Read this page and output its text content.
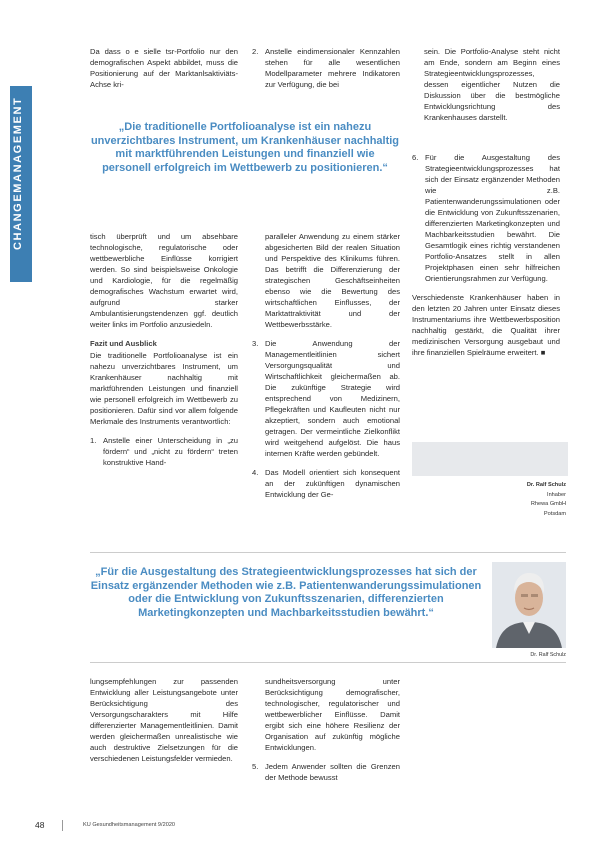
CHANGEMANAGEMENT

Da dass o e sielle tsr-Portfolio nur den demografischen Aspekt abbildet, muss die Positionierung auf der Marktanlsaktiviäts-Achse kri-

2. Anstelle eindimensionaler Kennzahlen stehen für alle wesentlichen Modellparameter mehrere Indikatoren zur Verfügung, die bei

sein. Die Portfolio-Analyse steht nicht am Ende, sondern am Beginn eines Strategieentwicklungsprozesses, dessen eigentlicher Nutzen die Diskussion über die bestmögliche Entwicklungsrichtung des Krankenhauses darstellt.

„Die traditionelle Portfolioanalyse ist ein nahezu unverzichtbares Instrument, um Krankenhäuser nachhaltig mit marktführenden Leistungen und finanziell wie personell erfolgreich im Wettbewerb zu positionieren.“

tisch überprüft und um absehbare technologische, regulatorische oder wettbewerbliche Einflüsse korrigiert werden. So sind beispielsweise Onkologie und Kardiologie, für die regelmäßig demografisches Wachstum erwartet wird, aufgrund starker Ambulantisierungstendenzen ggf. deutlich weiter links im Portfolio anzusiedeln.

Fazit und Ausblick

Die traditionelle Portfolioanalyse ist ein nahezu unverzichtbares Instrument, um Krankenhäuser nachhaltig mit marktführenden Leistungen und finanziell wie personell erfolgreich im Wettbewerb zu positionieren. Dafür sind vor allem folgende Merkmale des Instruments verantwortlich:

1. Anstelle einer Unterscheidung in „zu fördern“ und „nicht zu fördern“ treten konstruktive Hand-

paralleler Anwendung zu einem stärker abgesicherten Bild der realen Situation und Perspektive des Klinikums führen. Das betrifft die Differenzierung der strategischen Geschäftseinheiten ebenso wie die Bewertung des wirtschaftlichen Einflusses, der Marktattraktivität und der Wettbewerbsstärke.

3. Die Anwendung der Managementleitlinien sichert Versorgungsqualität und Wirtschaftlichkeit gleichermaßen ab. Die zukünftige Strategie wird entsprechend von Medizinern, Pflegekräften und Kaufleuten nicht nur akzeptiert, sondern auch emotional getragen. Der vermeintliche Zielkonflikt wird weitgehend aufgelöst. Die haus internen Kräfte werden gebündelt.
4. Das Modell orientiert sich konsequent an der zukünftigen dynamischen Entwicklung der Ge-
6. Für die Ausgestaltung des Strategieentwicklungsprozesses hat sich der Einsatz ergänzender Methoden wie z.B. Patientenwanderungssimulationen oder die Entwicklung von Zukunftsszenarien, differenzierten Marketingkonzepten und Machbarkeitsstudien bewährt. Die Gesamtlogik eines richtig verstandenen Portfolio-Ansatzes stellt in allen Projektphasen einen sehr hilfreichen Orientierungsrahmen zur Verfügung.

Verschiedenste Krankenhäuser haben in den letzten 20 Jahren unter Einsatz dieses Instrumentariums ihre Wettbewerbsposition nachhaltig gestärkt, die Qualität ihrer medizinischen Versorgung ausgebaut und ihre finanziellen Spielräume erweitert. ■

Dr. Ralf Schulz
Inhaber
Rhewa GmbH
Potsdam
„Für die Ausgestaltung des Strategieentwicklungsprozesses hat sich der Einsatz ergänzender Methoden wie z.B. Patientenwanderungssimulationen oder die Entwicklung von Zukunftsszenarien, differenzierten Marketingkonzepten und Machbarkeitsstudien bewährt.“
Dr. Ralf Schulz

lungsempfehlungen zur passenden Entwicklung aller Leistungsangebote unter Berücksichtigung des Versorgungscharakters mit Hilfe differenzierter Managementleitlinien. Damit werden gleichermaßen unrealistische wie auch destruktive Zielsetzungen für die verschiedenen Leistungsfelder vermieden.

sundheitsversorgung unter Berücksichtigung demografischer, technologischer, regulatorischer und wettbewerblicher Einflüsse. Damit ergibt sich eine höhere Resilienz der Organisation auf zukünftig mögliche Entwicklungen.

5. Jedem Anwender sollten die Grenzen der Methode bewusst
48	KU Gesundheitsmanagement 9/2020
